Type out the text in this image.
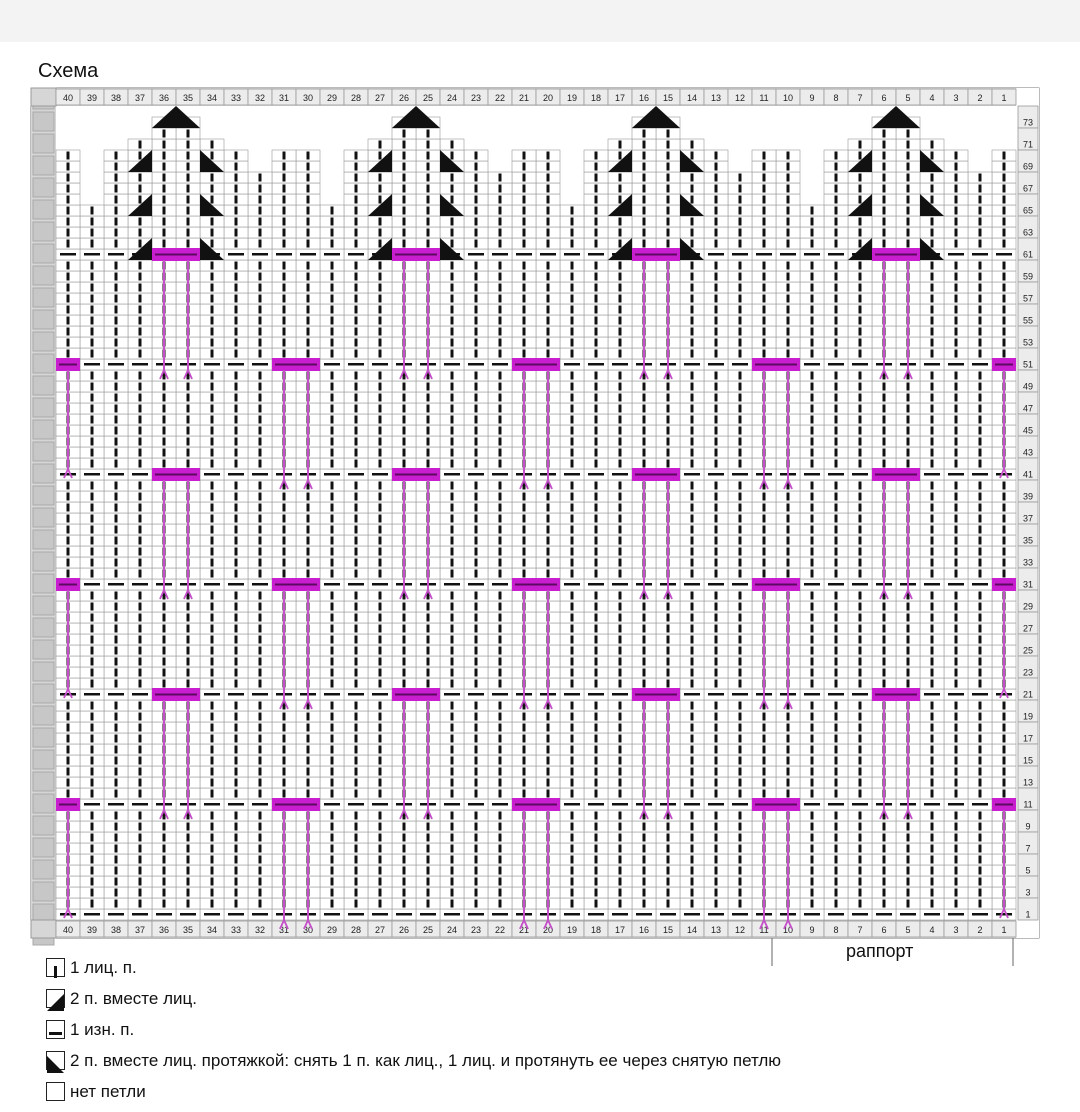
Схема
40
40
39
39
38
38
37
37
36
36
35
35
34
34
33
33
32
32
31
31
30
30
29
29
28
28
27
27
26
26
25
25
24
24
23
23
22
22
21
21
20
20
19
19
18
18
17
17
16
16
15
15
14
14
13
13
12
12
11
11
10
10
9
9
8
8
7
7
6
6
5
5
4
4
3
3
2
2
1
1
73
71
69
67
65
63
61
59
57
55
53
51
49
47
45
43
41
39
37
35
33
31
29
27
25
23
21
19
17
15
13
11
9
7
5
3
1
раппорт
1 лиц. п.
2 п. вместе лиц.
1 изн. п.
2 п. вместе лиц. протяжкой: снять 1 п. как лиц., 1 лиц. и протянуть ее через снятую петлю
нет петли
